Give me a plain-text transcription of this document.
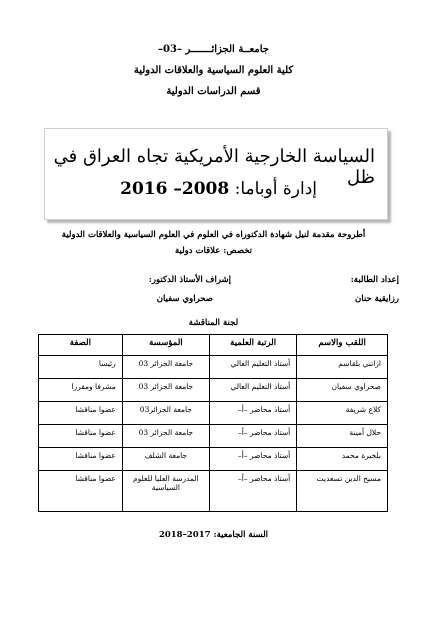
جامعــة الجزائـــــــر –03–
كلية العلوم السياسية والعلاقات الدولية
قسم الدراسات الدولية
السياسة الخارجية الأمريكية تجاه العراق في ظل
إدارة أوباما: 2008– 2016
أطروحة مقدمة لنيل شهادة الدكتوراه في العلوم في العلوم السياسية والعلاقات الدولية
تخصص: علاقات دولية
إعداد الطالبة:
رزايقية حنان
إشراف الأستاذ الدكتور:
صحراوي سفيان
لجنة المناقشة
اللقب والاسم	الرتبة العلمية	المؤسسة	الصفة
ازاتني بلقاسم	أستاذ التعليم العالي	جامعة الجزائر 03	رئيسا
صحراوي سفيان	أستاذ التعليم العالي	جامعة الجزائر 03	مشرفا ومقررا
كلاع شريفة	أستاذ محاضر –أ–	جامعة الجزائر03	عضوا مناقشا
حلال أمينة	أستاذ محاضر –أ–	جامعة الجزائر 03	عضوا مناقشا
بلخيرة محمد	أستاذ محاضر –أ–	جامعة الشلف	عضوا مناقشا
مسيح الدين تسعديت	أستاذ محاضر –أ–	المدرسة العليا للعلوم السياسية	عضوا مناقشا
السنة الجامعية: 2017–2018
